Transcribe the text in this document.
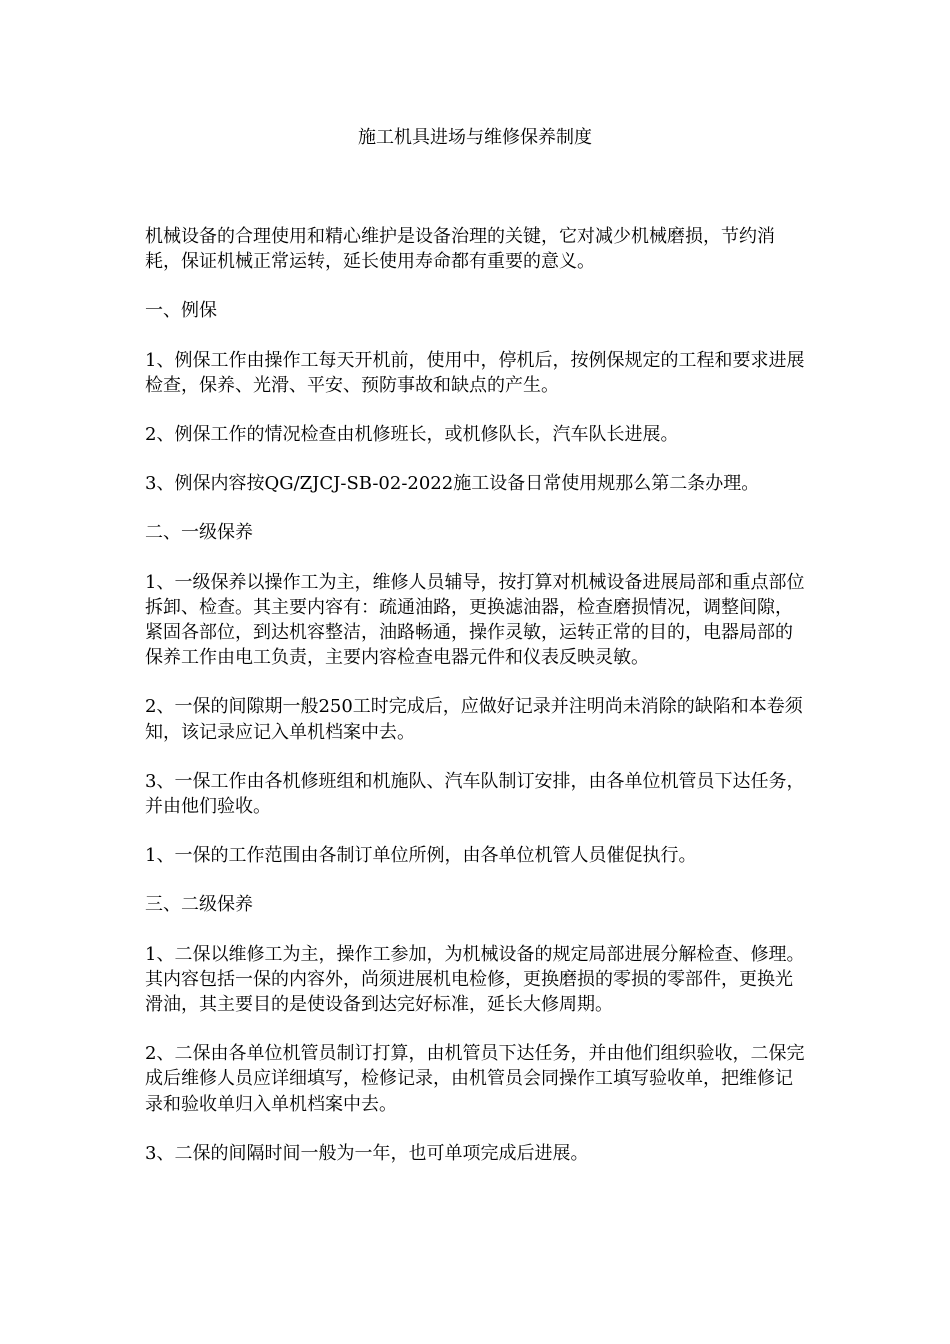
施工机具进场与维修保养制度

机械设备的合理使用和精心维护是设备治理的关键，它对减少机械磨损，节约消耗，保证机械正常运转，延长使用寿命都有重要的意义。

一、例保

1、例保工作由操作工每天开机前，使用中，停机后，按例保规定的工程和要求进展检查，保养、光滑、平安、预防事故和缺点的产生。

2、例保工作的情况检查由机修班长，或机修队长，汽车队长进展。

3、例保内容按QG/ZJCJ-SB-02-2022施工设备日常使用规那么第二条办理。

二、一级保养

1、一级保养以操作工为主，维修人员辅导，按打算对机械设备进展局部和重点部位拆卸、检查。其主要内容有：疏通油路，更换滤油器，检查磨损情况，调整间隙，紧固各部位，到达机容整洁，油路畅通，操作灵敏，运转正常的目的，电器局部的保养工作由电工负责，主要内容检查电器元件和仪表反映灵敏。

2、一保的间隙期一般250工时完成后，应做好记录并注明尚未消除的缺陷和本卷须知，该记录应记入单机档案中去。

3、一保工作由各机修班组和机施队、汽车队制订安排，由各单位机管员下达任务，并由他们验收。

1、一保的工作范围由各制订单位所例，由各单位机管人员催促执行。

三、二级保养

1、二保以维修工为主，操作工参加，为机械设备的规定局部进展分解检查、修理。其内容包括一保的内容外，尚须进展机电检修，更换磨损的零损的零部件，更换光滑油，其主要目的是使设备到达完好标准，延长大修周期。

2、二保由各单位机管员制订打算，由机管员下达任务，并由他们组织验收，二保完成后维修人员应详细填写，检修记录，由机管员会同操作工填写验收单，把维修记录和验收单归入单机档案中去。

3、二保的间隔时间一般为一年，也可单项完成后进展。
